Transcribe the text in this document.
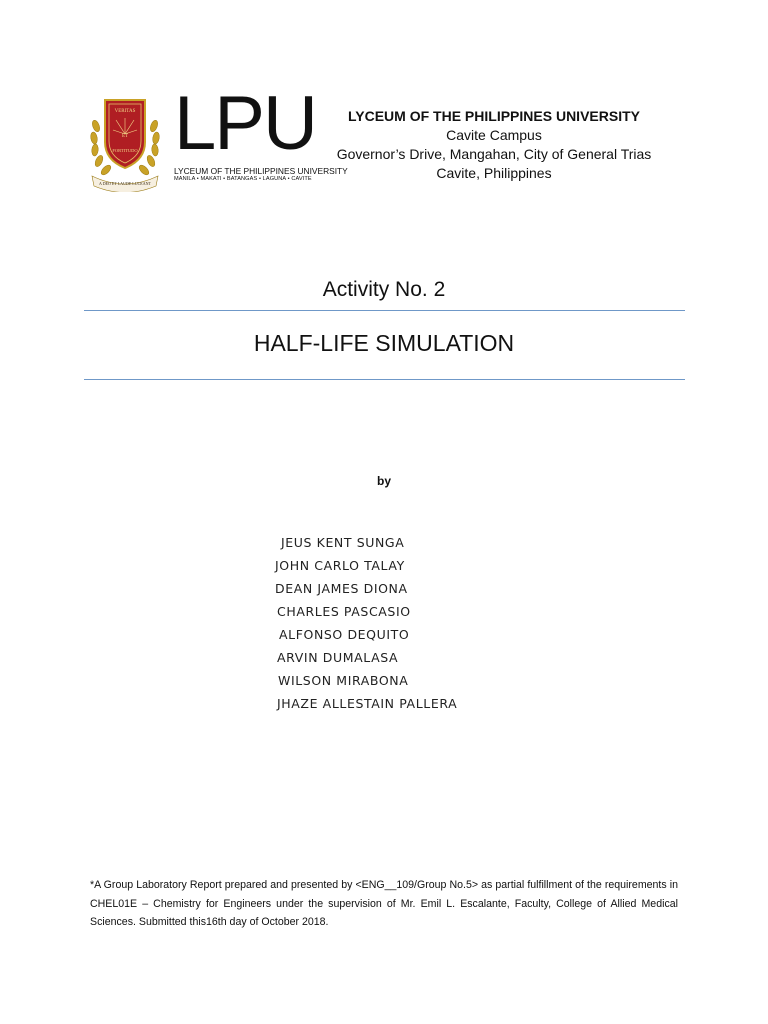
VERITAS
ET
FORTITUDO
A DEO ET LAUDE LUCEANT
LPU
LYCEUM OF THE PHILIPPINES UNIVERSITY
MANILA • MAKATI • BATANGAS • LAGUNA • CAVITE
LYCEUM OF THE PHILIPPINES UNIVERSITY
Cavite Campus
Governor’s Drive, Mangahan, City of General Trias
Cavite, Philippines
Activity No. 2
HALF-LIFE SIMULATION
by
JEUS KENT SUNGA
JOHN CARLO TALAY
DEAN JAMES DIONA
CHARLES PASCASIO
ALFONSO DEQUITO
ARVIN DUMALASA
WILSON MIRABONA
JHAZE ALLESTAIN PALLERA
*A Group Laboratory Report prepared and presented by <ENG__109/Group No.5> as partial fulfillment of the requirements in CHEL01E – Chemistry for Engineers under the supervision of Mr. Emil L. Escalante, Faculty, College of Allied Medical Sciences. Submitted this16th day of October 2018.
